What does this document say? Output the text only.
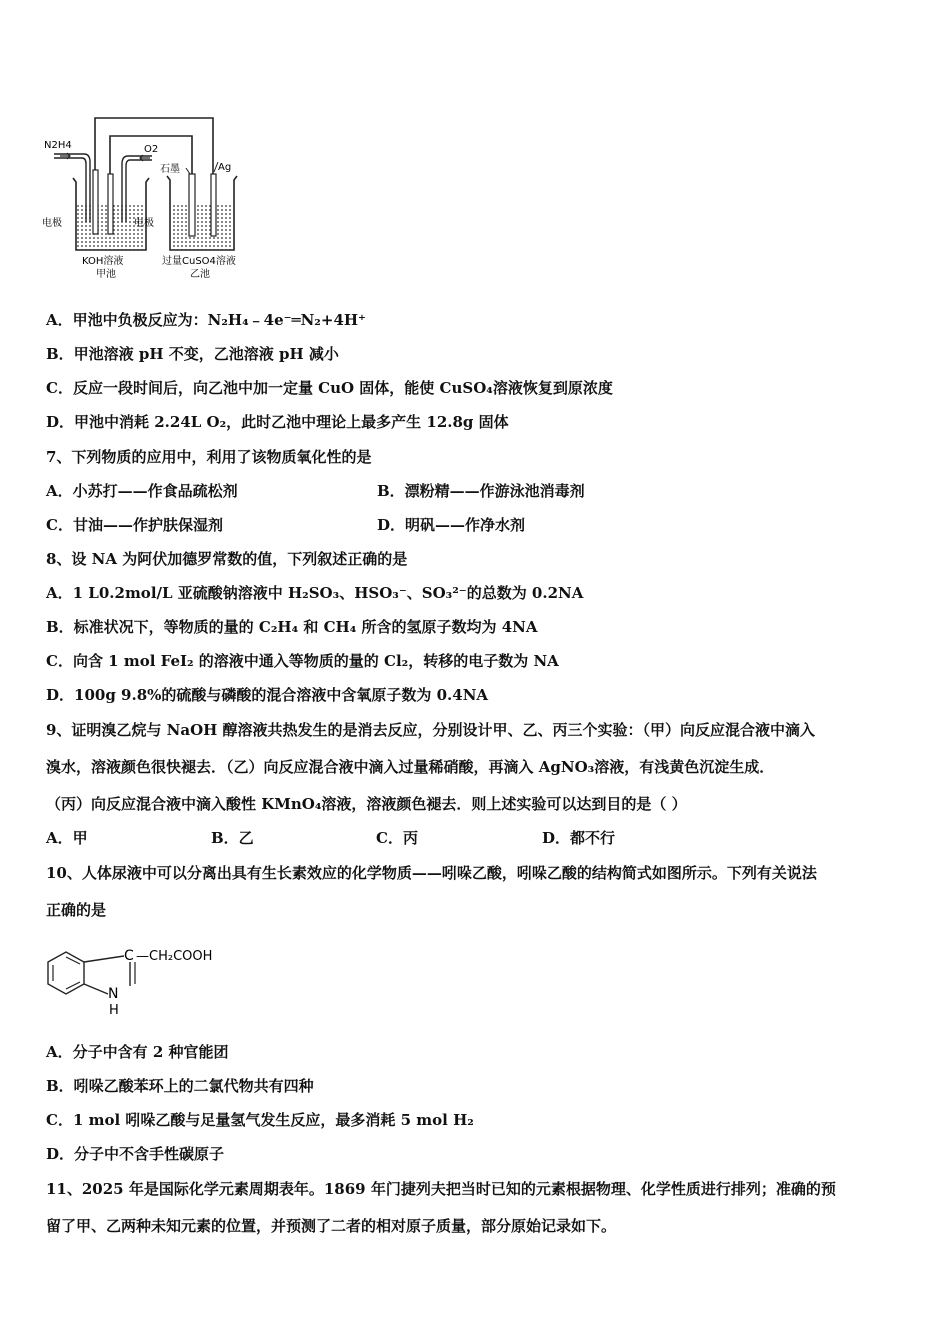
N2H4	O2
电极	电极
石墨	Ag
KOH溶液
甲池
过量CuSO4溶液
乙池
A．甲池中负极反应为：N₂H₄﹣4e⁻═N₂+4H⁺
B．甲池溶液 pH 不变，乙池溶液 pH 减小
C．反应一段时间后，向乙池中加一定量 CuO 固体，能使 CuSO₄溶液恢复到原浓度
D．甲池中消耗 2.24L O₂，此时乙池中理论上最多产生 12.8g 固体
7、下列物质的应用中，利用了该物质氧化性的是
A．小苏打——作食品疏松剂	B．漂粉精——作游泳池消毒剂
C．甘油——作护肤保湿剂	D．明矾——作净水剂
8、设 NA 为阿伏加德罗常数的值，下列叙述正确的是
A．1 L0.2mol/L 亚硫酸钠溶液中 H₂SO₃、HSO₃⁻、SO₃²⁻的总数为 0.2NA
B．标准状况下，等物质的量的 C₂H₄ 和 CH₄ 所含的氢原子数均为 4NA
C．向含 1 mol FeI₂ 的溶液中通入等物质的量的 Cl₂，转移的电子数为 NA
D．100g 9.8%的硫酸与磷酸的混合溶液中含氧原子数为 0.4NA
9、证明溴乙烷与 NaOH 醇溶液共热发生的是消去反应，分别设计甲、乙、丙三个实验：（甲）向反应混合液中滴入
溴水，溶液颜色很快褪去．（乙）向反应混合液中滴入过量稀硝酸，再滴入 AgNO₃溶液，有浅黄色沉淀生成．
（丙）向反应混合液中滴入酸性 KMnO₄溶液，溶液颜色褪去．则上述实验可以达到目的是（ ）
A．甲	B．乙	C．丙	D．都不行
10、人体尿液中可以分离出具有生长素效应的化学物质——吲哚乙酸，吲哚乙酸的结构简式如图所示。下列有关说法
正确的是
C —CH₂COOH
N
H
A．分子中含有 2 种官能团
B．吲哚乙酸苯环上的二氯代物共有四种
C．1 mol 吲哚乙酸与足量氢气发生反应，最多消耗 5 mol H₂
D．分子中不含手性碳原子
11、2025 年是国际化学元素周期表年。1869 年门捷列夫把当时已知的元素根据物理、化学性质进行排列；准确的预
留了甲、乙两种未知元素的位置，并预测了二者的相对原子质量，部分原始记录如下。
